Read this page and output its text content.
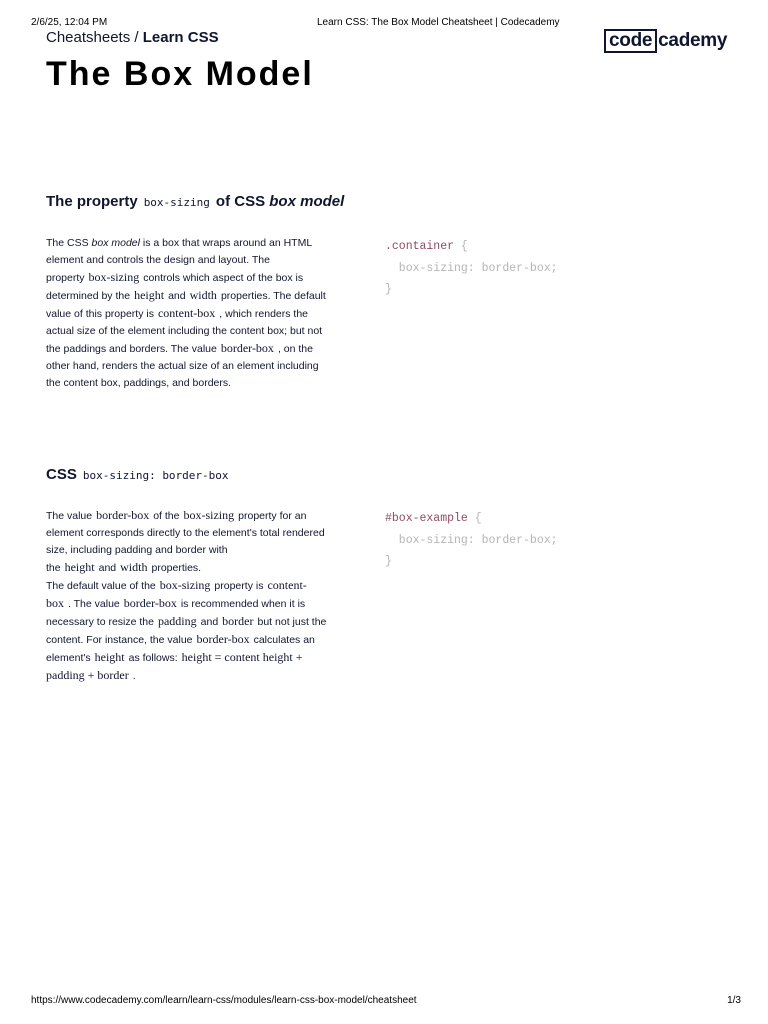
2/6/25, 12:04 PM	Learn CSS: The Box Model Cheatsheet | Codecademy
Cheatsheets / Learn CSS	code cademy
The Box Model
The property box-sizing of CSS box model

The CSS box model is a box that wraps around an HTML element and controls the design and layout. The property box-sizing controls which aspect of the box is determined by the height and width properties. The default value of this property is content-box , which renders the actual size of the element including the content box; but not the paddings and borders. The value border-box , on the other hand, renders the actual size of an element including the content box, paddings, and borders.

.container {
box-sizing: border-box;
}
CSS box-sizing: border-box

The value border-box of the box-sizing property for an element corresponds directly to the element's total rendered size, including padding and border with the height and width properties.

The default value of the box-sizing property is content-box . The value border-box is recommended when it is necessary to resize the padding and border but not just the content. For instance, the value border-box calculates an element's height as follows: height = content height + padding + border .

#box-example {
box-sizing: border-box;
}
https://www.codecademy.com/learn/learn-css/modules/learn-css-box-model/cheatsheet	1/3
